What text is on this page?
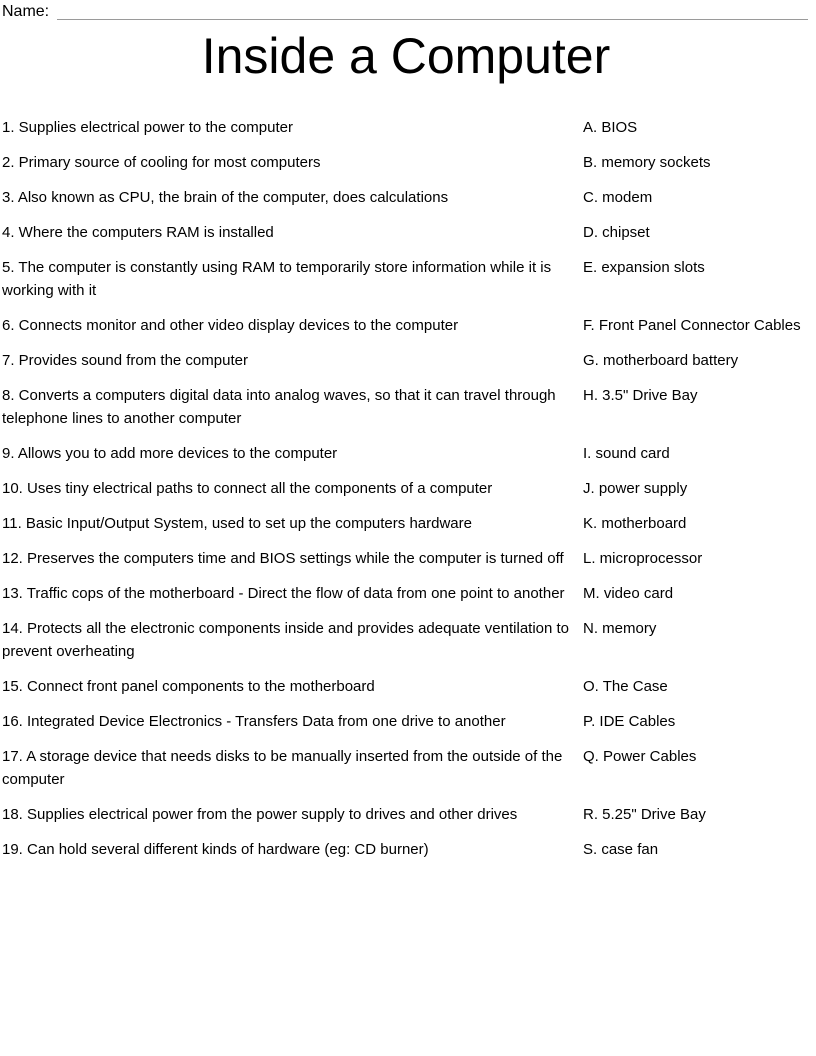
Name:
Inside a Computer
1. Supplies electrical power to the computer	A. BIOS
2. Primary source of cooling for most computers	B. memory sockets
3. Also known as CPU, the brain of the computer, does calculations	C. modem
4. Where the computers RAM is installed	D. chipset
5. The computer is constantly using RAM to temporarily store information while it is working with it
E. expansion slots
6. Connects monitor and other video display devices to the computer	F. Front Panel Connector Cables
7. Provides sound from the computer	G. motherboard battery
8. Converts a computers digital data into analog waves, so that it can travel through telephone lines to another computer
H. 3.5" Drive Bay
9. Allows you to add more devices to the computer	I. sound card
10. Uses tiny electrical paths to connect all the components of a computer	J. power supply
11. Basic Input/Output System, used to set up the computers hardware	K. motherboard
12. Preserves the computers time and BIOS settings while the computer is turned off	L. microprocessor
13. Traffic cops of the motherboard - Direct the flow of data from one point to another	M. video card
14. Protects all the electronic components inside and provides adequate ventilation to prevent overheating
N. memory
15. Connect front panel components to the motherboard	O. The Case
16. Integrated Device Electronics - Transfers Data from one drive to another	P. IDE Cables
17. A storage device that needs disks to be manually inserted from the outside of the computer
Q. Power Cables
18. Supplies electrical power from the power supply to drives and other drives	R. 5.25" Drive Bay
19. Can hold several different kinds of hardware (eg: CD burner)	S. case fan
